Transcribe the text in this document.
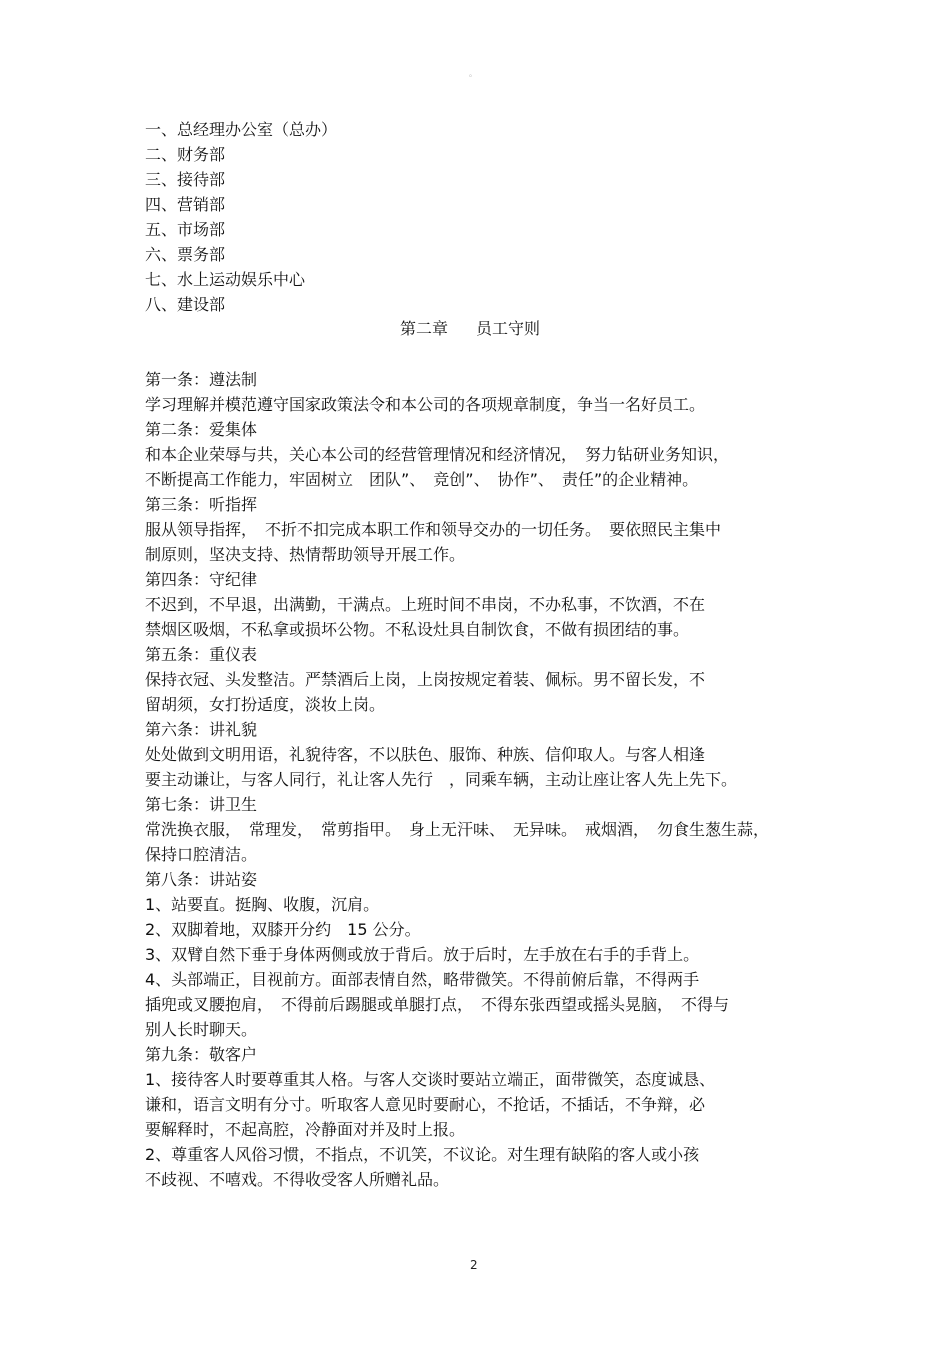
。
一、总经理办公室（总办）
二、财务部
三、接待部
四、营销部
五、市场部
六、票务部
七、水上运动娱乐中心
八、建设部
第二章 员工守则
第一条：遵法制
学习理解并模范遵守国家政策法令和本公司的各项规章制度，争当一名好员工。
第二条：爱集体
和本企业荣辱与共，关心本公司的经营管理情况和经济情况，　努力钻研业务知识，
不断提高工作能力，牢固树立　团队”、　竞创”、　协作”、　责任”的企业精神。
第三条：听指挥
服从领导指挥，　不折不扣完成本职工作和领导交办的一切任务。　要依照民主集中
制原则，坚决支持、热情帮助领导开展工作。
第四条：守纪律
不迟到，不早退，出满勤，干满点。上班时间不串岗，不办私事，不饮酒，不在
禁烟区吸烟，不私拿或损坏公物。不私设灶具自制饮食，不做有损团结的事。
第五条：重仪表
保持衣冠、头发整洁。严禁酒后上岗，上岗按规定着装、佩标。男不留长发，不
留胡须，女打扮适度，淡妆上岗。
第六条：讲礼貌
处处做到文明用语，礼貌待客，不以肤色、服饰、种族、信仰取人。与客人相逢
要主动谦让，与客人同行，礼让客人先行　，同乘车辆，主动让座让客人先上先下。
第七条：讲卫生
常洗换衣服，　常理发，　常剪指甲。　身上无汗味、　无异味。　戒烟酒，　勿食生葱生蒜，
保持口腔清洁。
第八条：讲站姿
1、站要直。挺胸、收腹，沉肩。
2、双脚着地，双膝开分约　15 公分。
3、双臂自然下垂于身体两侧或放于背后。放于后时，左手放在右手的手背上。
4、头部端正，目视前方。面部表情自然，略带微笑。不得前俯后靠，不得两手
插兜或叉腰抱肩，　不得前后踢腿或单腿打点，　不得东张西望或摇头晃脑，　不得与
别人长时聊天。
第九条：敬客户
1、接待客人时要尊重其人格。与客人交谈时要站立端正，面带微笑，态度诚恳、
谦和，语言文明有分寸。听取客人意见时要耐心，不抢话，不插话，不争辩，必
要解释时，不起高腔，冷静面对并及时上报。
2、尊重客人风俗习惯，不指点，不讥笑，不议论。对生理有缺陷的客人或小孩
不歧视、不嘻戏。不得收受客人所赠礼品。
2
